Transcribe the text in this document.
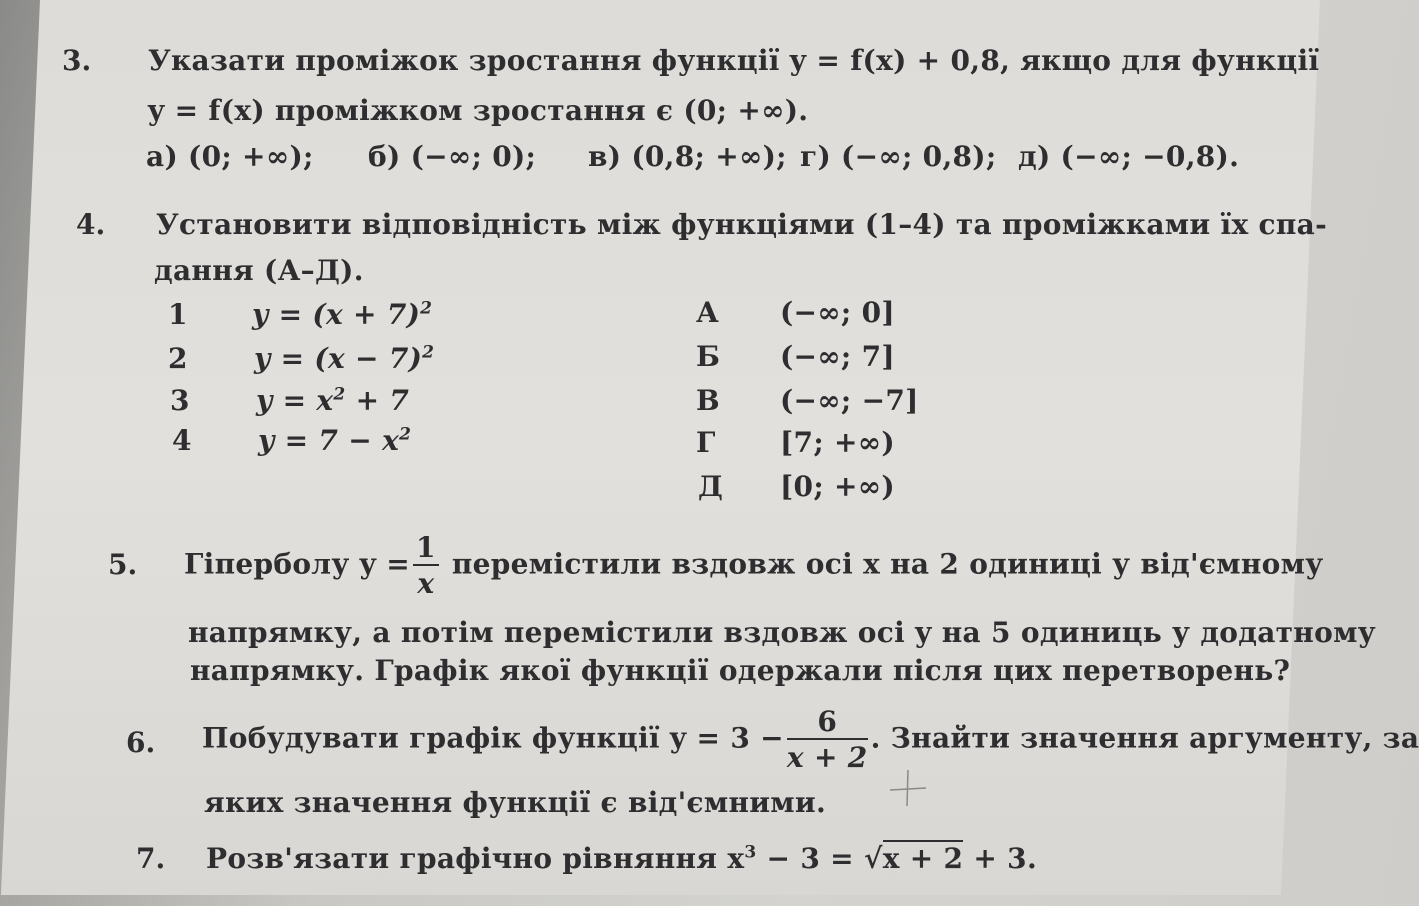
3. Указати проміжок зростання функції y = f(x) + 0,8, якщо для функції
y = f(x) проміжком зростання є (0; +∞).
а) (0; +∞); б) (−∞; 0); в) (0,8; +∞); г) (−∞; 0,8); д) (−∞; −0,8).
4. Установити відповідність між функціями (1–4) та проміжками їх спа-
дання (А–Д).
1 $y = (x + 7)^2$
2 $y = (x - 7)^2$
3 $y = x^2 + 7$
4 $y = 7 - x^2$
А (−∞; 0]
Б (−∞; 7]
В (−∞; −7]
Г [7; +∞)
Д [0; +∞)
5. Гіперболу $y = \frac{1}{x}$ перемістили вздовж осі x на 2 одиниці у від'ємному
напрямку, а потім перемістили вздовж осі y на 5 одиниць у додатному
напрямку. Графік якої функції одержали після цих перетворень?
6. Побудувати графік функції $y = 3 - \frac{6}{x + 2}$ . Знайти значення аргументу, за
яких значення функції є від'ємними.
7. Розв'язати графічно рівняння $x^3 - 3 = √x + 2 + 3$.
